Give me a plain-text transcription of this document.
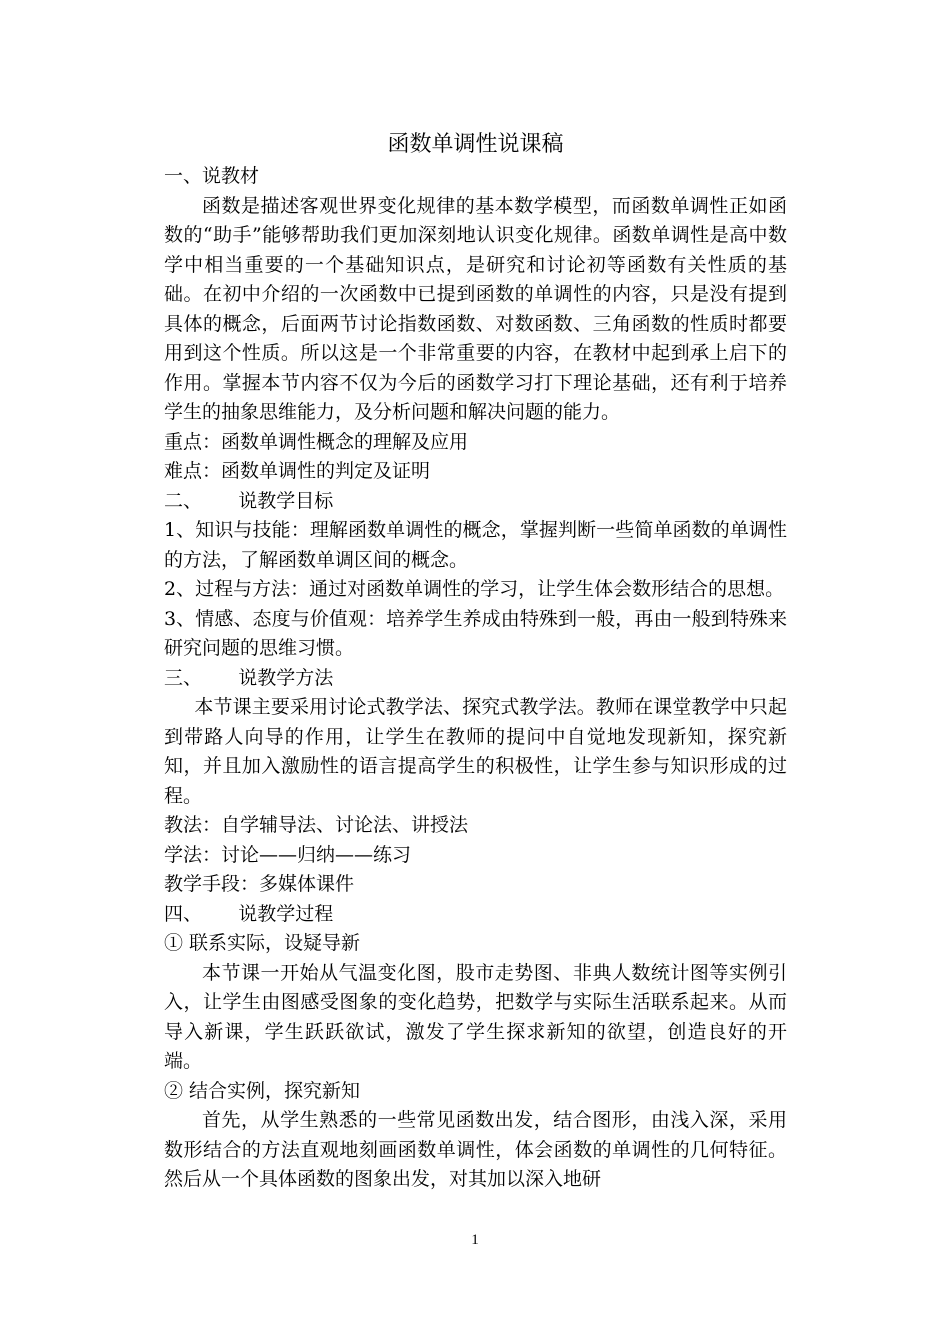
函数单调性说课稿
一、说教材

函数是描述客观世界变化规律的基本数学模型，而函数单调性正如函数的“助手”能够帮助我们更加深刻地认识变化规律。函数单调性是高中数学中相当重要的一个基础知识点，是研究和讨论初等函数有关性质的基础。在初中介绍的一次函数中已提到函数的单调性的内容，只是没有提到具体的概念，后面两节讨论指数函数、对数函数、三角函数的性质时都要用到这个性质。所以这是一个非常重要的内容，在教材中起到承上启下的作用。掌握本节内容不仅为今后的函数学习打下理论基础，还有利于培养学生的抽象思维能力，及分析问题和解决问题的能力。

重点：函数单调性概念的理解及应用

难点：函数单调性的判定及证明

二、      说教学目标

1、知识与技能：理解函数单调性的概念，掌握判断一些简单函数的单调性的方法，了解函数单调区间的概念。

2、过程与方法：通过对函数单调性的学习，让学生体会数形结合的思想。

3、情感、态度与价值观：培养学生养成由特殊到一般，再由一般到特殊来研究问题的思维习惯。

三、      说教学方法

本节课主要采用讨论式教学法、探究式教学法。教师在课堂教学中只起到带路人向导的作用，让学生在教师的提问中自觉地发现新知，探究新知，并且加入激励性的语言提高学生的积极性，让学生参与知识形成的过程。

教法：自学辅导法、讨论法、讲授法

学法：讨论——归纳——练习

教学手段：多媒体课件

四、      说教学过程

① 联系实际，设疑导新

本节课一开始从气温变化图，股市走势图、非典人数统计图等实例引入，让学生由图感受图象的变化趋势，把数学与实际生活联系起来。从而导入新课，学生跃跃欲试，激发了学生探求新知的欲望，创造良好的开端。

② 结合实例，探究新知

首先，从学生熟悉的一些常见函数出发，结合图形，由浅入深，采用数形结合的方法直观地刻画函数单调性，体会函数的单调性的几何特征。然后从一个具体函数的图象出发，对其加以深入地研

1
